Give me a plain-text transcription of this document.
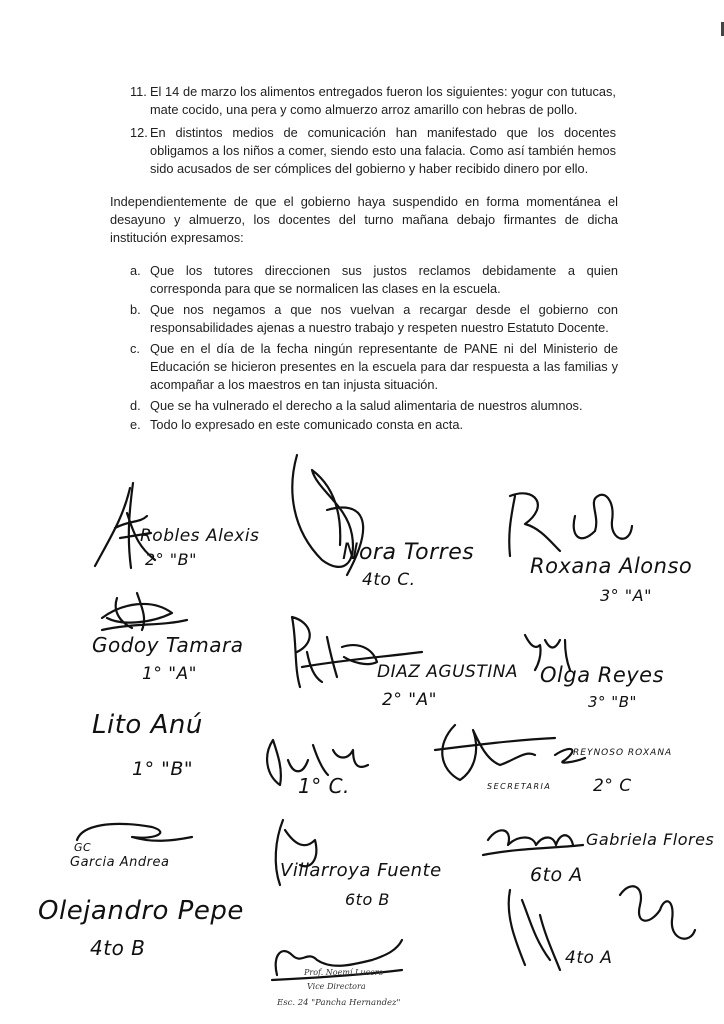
11. El 14 de marzo los alimentos entregados fueron los siguientes: yogur con tutucas, mate cocido, una pera y como almuerzo arroz amarillo con hebras de pollo.
12. En distintos medios de comunicación han manifestado que los docentes obligamos a los niños a comer, siendo esto una falacia. Como así también hemos sido acusados de ser cómplices del gobierno y haber recibido dinero por ello.
Independientemente de que el gobierno haya suspendido en forma momentánea el desayuno y almuerzo, los docentes del turno mañana debajo firmantes de dicha institución expresamos:
a. Que los tutores direccionen sus justos reclamos debidamente a quien corresponda para que se normalicen las clases en la escuela.
b. Que nos negamos a que nos vuelvan a recargar desde el gobierno con responsabilidades ajenas a nuestro trabajo y respeten nuestro Estatuto Docente.
c. Que en el día de la fecha ningún representante de PANE ni del Ministerio de Educación se hicieron presentes en la escuela para dar respuesta a las familias y acompañar a los maestros en tan injusta situación.
d. Que se ha vulnerado el derecho a la salud alimentaria de nuestros alumnos.
e. Todo lo expresado en este comunicado consta en acta.
Robles Alexis
2° "B"	Nora Torres
4to C.
Roxana Alonso
3° "A"
Godoy Tamara
1° "A"	DIAZ AGUSTINA
2° "A"
Olga Reyes
3° "B"
Lito Anú
1° "B"
1° C.	SECRETARIA
REYNOSO ROXANA
2° C
GC
Garcia Andrea	Villarroya Fuente
6to B
Gabriela Flores
6to A
Olejandro Pepe
4to B	4to A
Prof. Noemí Lucero
Vice Directora
Esc. 24 "Pancha Hernandez"
